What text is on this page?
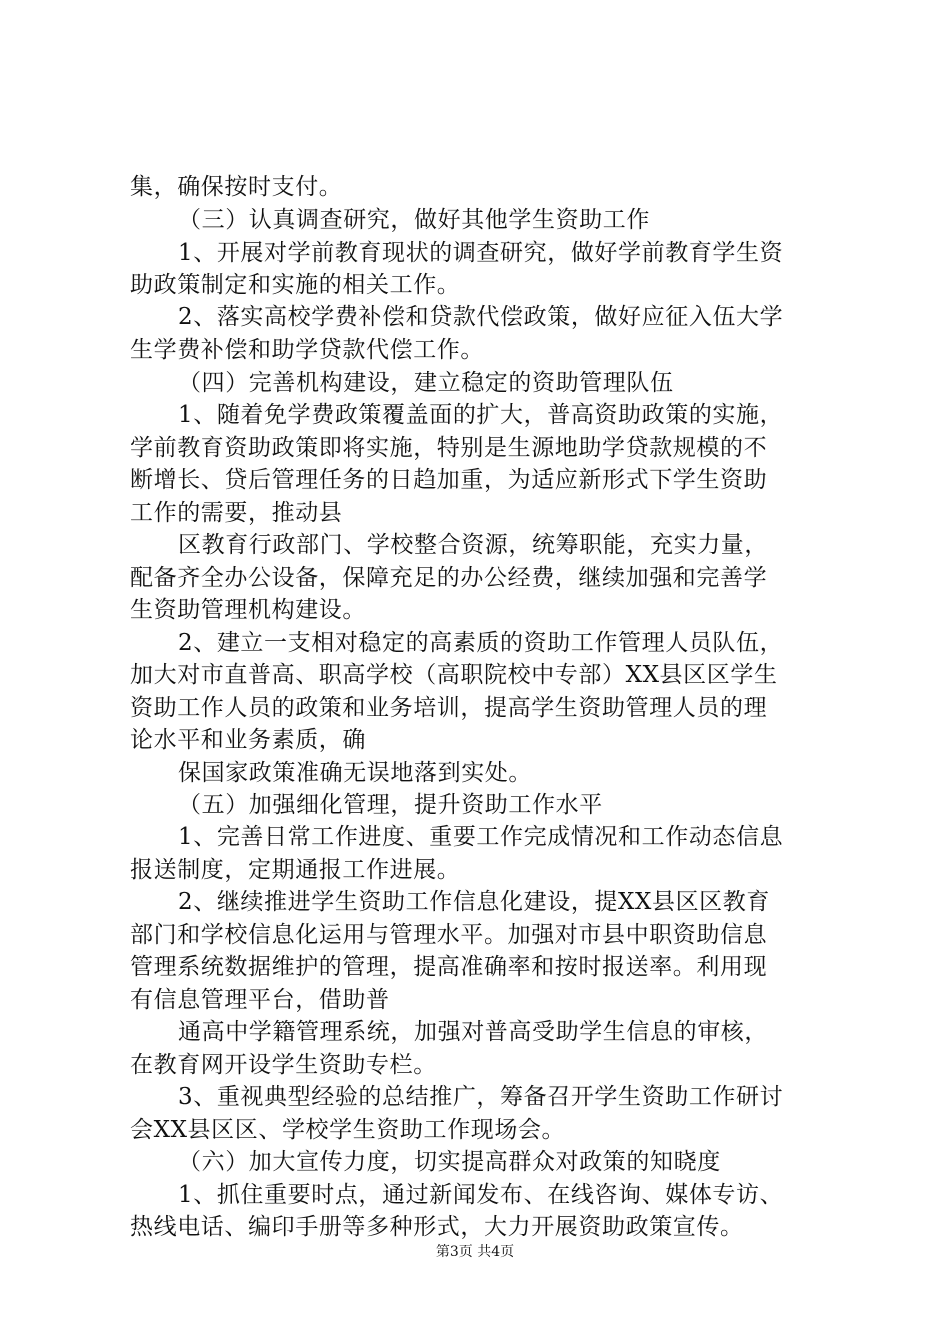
集，确保按时支付。
（三）认真调查研究，做好其他学生资助工作
1、开展对学前教育现状的调查研究，做好学前教育学生资
助政策制定和实施的相关工作。
2、落实高校学费补偿和贷款代偿政策，做好应征入伍大学
生学费补偿和助学贷款代偿工作。
（四）完善机构建设，建立稳定的资助管理队伍
1、随着免学费政策覆盖面的扩大，普高资助政策的实施，
学前教育资助政策即将实施，特别是生源地助学贷款规模的不
断增长、贷后管理任务的日趋加重，为适应新形式下学生资助
工作的需要，推动县
区教育行政部门、学校整合资源，统筹职能，充实力量，
配备齐全办公设备，保障充足的办公经费，继续加强和完善学
生资助管理机构建设。
2、建立一支相对稳定的高素质的资助工作管理人员队伍，
加大对市直普高、职高学校（高职院校中专部）XX县区区学生
资助工作人员的政策和业务培训，提高学生资助管理人员的理
论水平和业务素质，确
保国家政策准确无误地落到实处。
（五）加强细化管理，提升资助工作水平
1、完善日常工作进度、重要工作完成情况和工作动态信息
报送制度，定期通报工作进展。
2、继续推进学生资助工作信息化建设，提XX县区区教育
部门和学校信息化运用与管理水平。加强对市县中职资助信息
管理系统数据维护的管理，提高准确率和按时报送率。利用现
有信息管理平台，借助普
通高中学籍管理系统，加强对普高受助学生信息的审核，
在教育网开设学生资助专栏。
3、重视典型经验的总结推广，筹备召开学生资助工作研讨
会XX县区区、学校学生资助工作现场会。
（六）加大宣传力度，切实提高群众对政策的知晓度
1、抓住重要时点，通过新闻发布、在线咨询、媒体专访、
热线电话、编印手册等多种形式，大力开展资助政策宣传。
第3页 共4页
